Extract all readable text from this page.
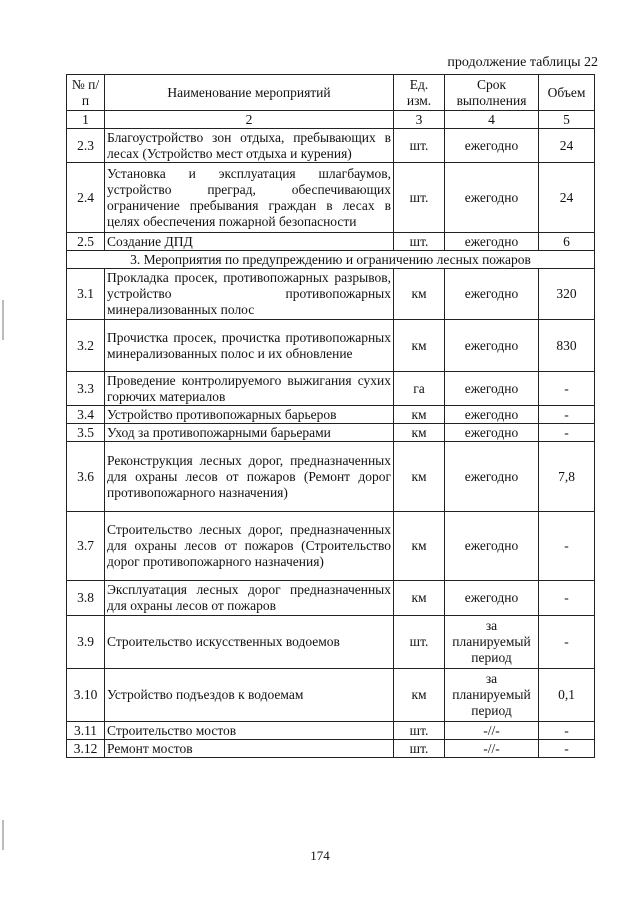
продолжение таблицы 22
№ п/п	Наименование мероприятий	Ед. изм.	Срок выполнения	Объем
1	2	3	4	5
2.3	Благоустройство зон отдыха, пребывающих в лесах (Устройство мест отдыха и курения)	шт.	ежегодно	24
2.4	Установка и эксплуатация шлагбаумов, устройство преград, обеспечивающих ограничение пребывания граждан в лесах в целях обеспечения пожарной безопасности	шт.	ежегодно	24
2.5	Создание ДПД	шт.	ежегодно	6
3. Мероприятия по предупреждению и ограничению лесных пожаров				
3.1	Прокладка просек, противопожарных разрывов, устройство противопожарных минерализованных полос	км	ежегодно	320
3.2	Прочистка просек, прочистка противопожарных минерализованных полос и их обновление	км	ежегодно	830
3.3	Проведение контролируемого выжигания сухих горючих материалов	га	ежегодно	-
3.4	Устройство противопожарных барьеров	км	ежегодно	-
3.5	Уход за противопожарными барьерами	км	ежегодно	-
3.6	Реконструкция лесных дорог, предназначенных для охраны лесов от пожаров (Ремонт дорог противопожарного назначения)	км	ежегодно	7,8
3.7	Строительство лесных дорог, предназначенных для охраны лесов от пожаров (Строительство дорог противопожарного назначения)	км	ежегодно	-
3.8	Эксплуатация лесных дорог предназначенных для охраны лесов от пожаров	км	ежегодно	-
3.9	Строительство искусственных водоемов	шт.	за планируемый период	-
3.10	Устройство подъездов к водоемам	км	за планируемый период	0,1
3.11	Строительство мостов	шт.	-//-	-
3.12	Ремонт мостов	шт.	-//-	-
174
